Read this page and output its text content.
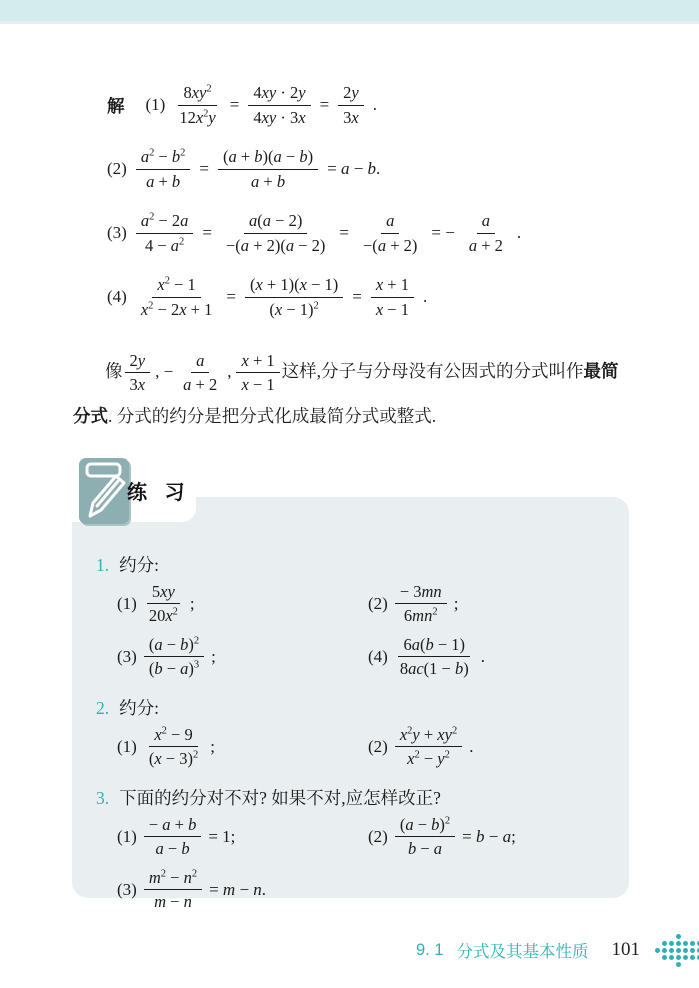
解 $(1) \frac{8xy^2}{12x^2y} = \frac{4xy \cdot 2y}{4xy \cdot 3x} = \frac{2y}{3x}$ .
$(2) \frac{a^2 - b^2}{a + b} = \frac{(a + b)(a - b)}{a + b} = a - b$.
$(3) \frac{a^2 - 2a}{4 - a^2} = \frac{a(a - 2)}{-(a + 2)(a - 2)} = \frac{a}{-(a + 2)}$ = − $\frac{a}{a + 2}$ .
$(4) \frac{x^2 - 1}{x^2 - 2x + 1} = \frac{(x + 1)(x - 1)}{(x - 1)^2} = \frac{x + 1}{x - 1}$ .
像 $\frac{2y}{3x}$ , − $\frac{a}{a + 2}$ , $\frac{x + 1}{x - 1}$ 这样,分子与分母没有公因式的分式叫作最简分式. 分式的约分是把分式化成最简分式或整式.
练 习
1. 约分:
$(1) \frac{5xy}{20x^2}$ ;	$(2) \frac{- 3mn}{6mn^2}$ ;
$(3) \frac{(a - b)^2}{(b - a)^3}$ ;	$(4) \frac{6a(b - 1)}{8ac(1 - b)}$ .
2. 约分:
$(1) \frac{x^2 - 9}{(x - 3)^2}$ ;	$(2) \frac{x^2y + xy^2}{x^2 - y^2}$ .
3. 下面的约分对不对? 如果不对,应怎样改正?
$(1) \frac{- a + b}{a - b} = 1$;	$(2) \frac{(a - b)^2}{b - a} = b - a$;
$(3) \frac{m^2 - n^2}{m - n} = m - n$.
9. 1 分式及其基本性质 101
